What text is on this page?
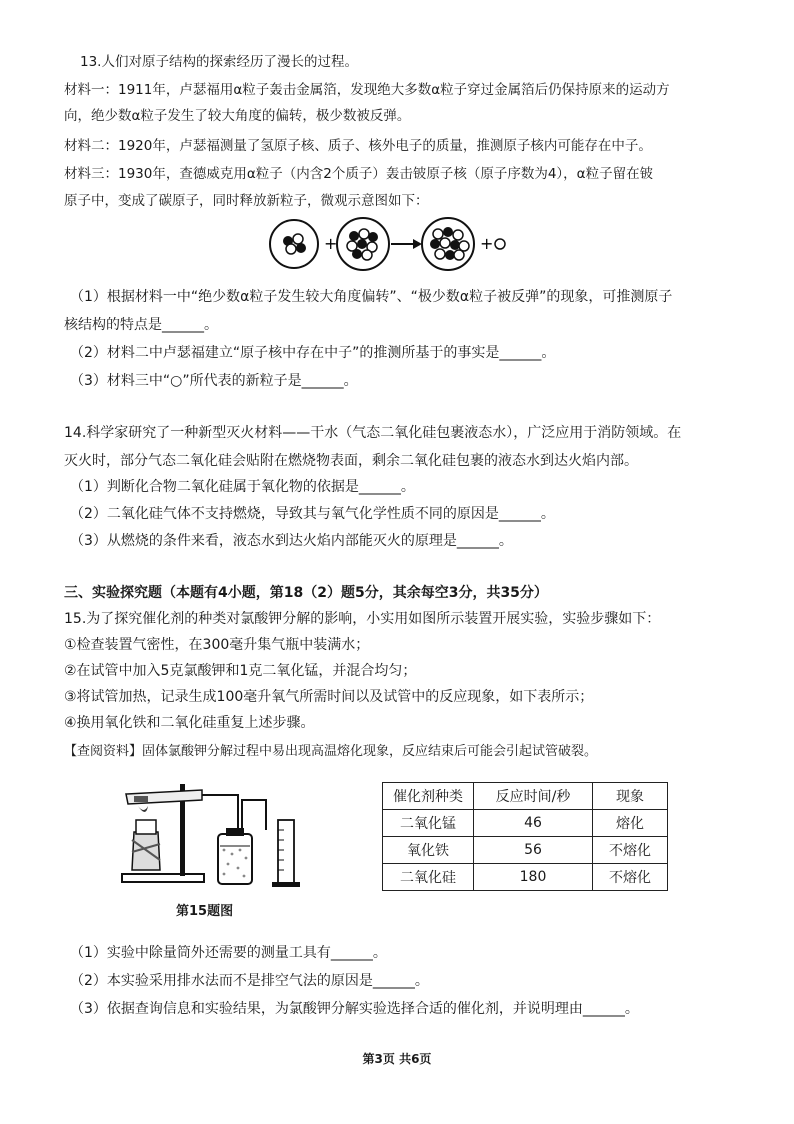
13.人们对原子结构的探索经历了漫长的过程。
材料一：1911年，卢瑟福用α粒子轰击金属箔，发现绝大多数α粒子穿过金属箔后仍保持原来的运动方
向，绝少数α粒子发生了较大角度的偏转，极少数被反弹。
材料二：1920年，卢瑟福测量了氢原子核、质子、核外电子的质量，推测原子核内可能存在中子。
材料三：1930年，查德威克用α粒子（内含2个质子）轰击铍原子核（原子序数为4），α粒子留在铍
原子中，变成了碳原子，同时释放新粒子，微观示意图如下：
+	+
（1）根据材料一中“绝少数α粒子发生较大角度偏转”、“极少数α粒子被反弹”的现象，可推测原子
核结构的特点是______。
（2）材料二中卢瑟福建立“原子核中存在中子”的推测所基于的事实是______。
（3）材料三中“○”所代表的新粒子是______。
14.科学家研究了一种新型灭火材料——干水（气态二氧化硅包裹液态水），广泛应用于消防领域。在
灭火时，部分气态二氧化硅会贴附在燃烧物表面，剩余二氧化硅包裹的液态水到达火焰内部。
（1）判断化合物二氧化硅属于氧化物的依据是______。
（2）二氧化硅气体不支持燃烧，导致其与氧气化学性质不同的原因是______。
（3）从燃烧的条件来看，液态水到达火焰内部能灭火的原理是______。
三、实验探究题（本题有4小题，第18（2）题5分，其余每空3分，共35分）
15.为了探究催化剂的种类对氯酸钾分解的影响，小实用如图所示装置开展实验，实验步骤如下：
①检查装置气密性，在300毫升集气瓶中装满水；
②在试管中加入5克氯酸钾和1克二氧化锰，并混合均匀；
③将试管加热，记录生成100毫升氧气所需时间以及试管中的反应现象，如下表所示；
④换用氧化铁和二氧化硅重复上述步骤。
【查阅资料】固体氯酸钾分解过程中易出现高温熔化现象，反应结束后可能会引起试管破裂。
第15题图
催化剂种类	反应时间/秒	现象
二氧化锰	46	熔化
氧化铁	56	不熔化
二氧化硅	180	不熔化
（1）实验中除量筒外还需要的测量工具有______。
（2）本实验采用排水法而不是排空气法的原因是______。
（3）依据查询信息和实验结果，为氯酸钾分解实验选择合适的催化剂，并说明理由______。
第3页 共6页
